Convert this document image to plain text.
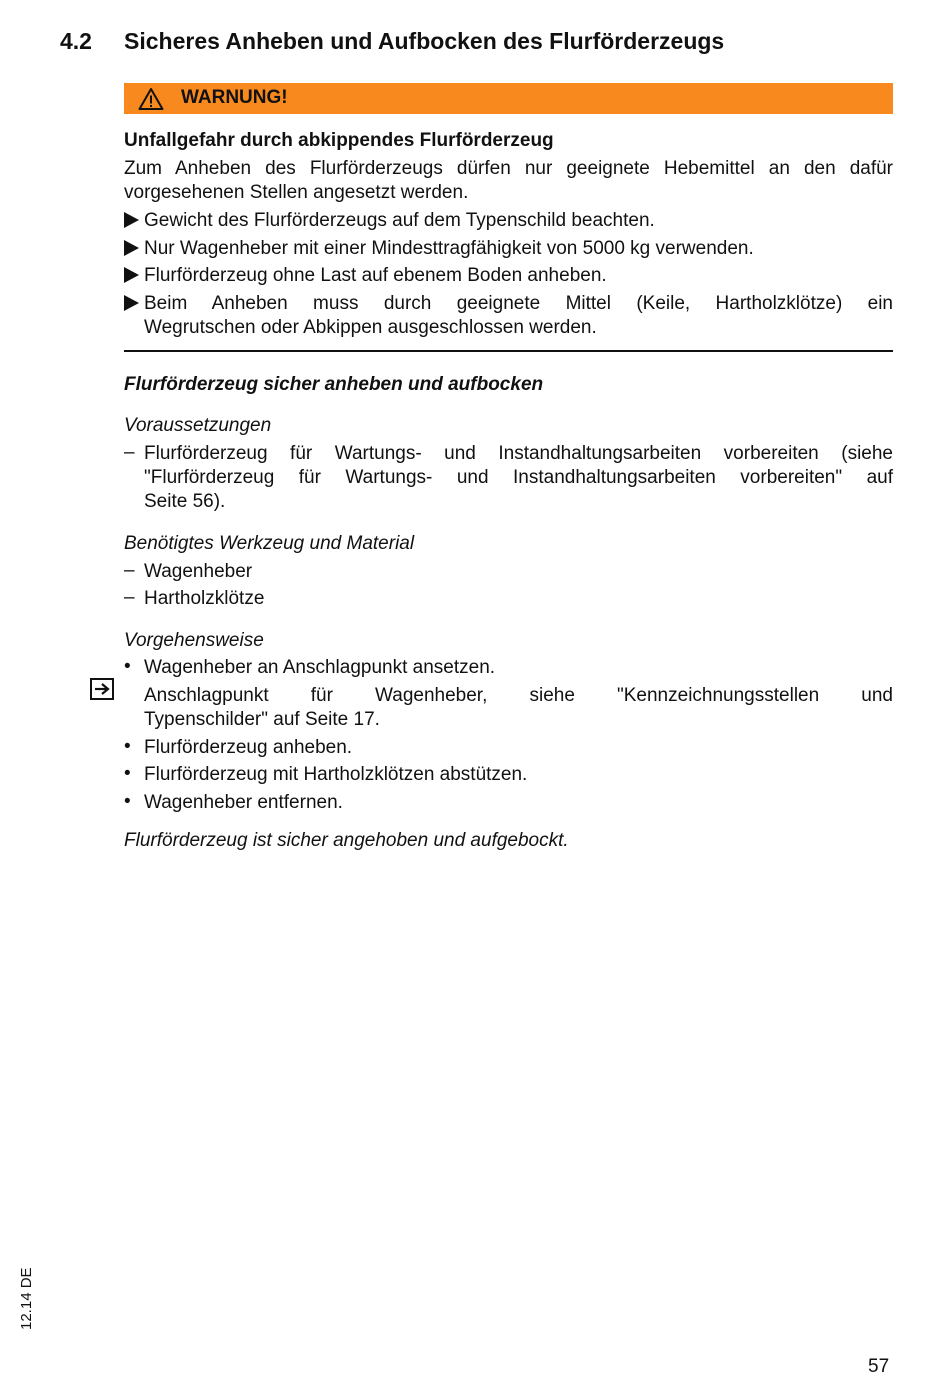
4.2 Sicheres Anheben und Aufbocken des Flurförderzeugs
WARNUNG!
Unfallgefahr durch abkippendes Flurförderzeug
Zum Anheben des Flurförderzeugs dürfen nur geeignete Hebemittel an den dafür
vorgesehenen Stellen angesetzt werden.
Gewicht des Flurförderzeugs auf dem Typenschild beachten.
Nur Wagenheber mit einer Mindesttragfähigkeit von 5000 kg verwenden.
Flurförderzeug ohne Last auf ebenem Boden anheben.
Beim Anheben muss durch geeignete Mittel (Keile, Hartholzklötze) ein
Wegrutschen oder Abkippen ausgeschlossen werden.
Flurförderzeug sicher anheben und aufbocken
Voraussetzungen
– Flurförderzeug für Wartungs- und Instandhaltungsarbeiten vorbereiten (siehe
"Flurförderzeug für Wartungs- und Instandhaltungsarbeiten vorbereiten" auf
Seite 56).
Benötigtes Werkzeug und Material
– Wagenheber
– Hartholzklötze
Vorgehensweise
• Wagenheber an Anschlagpunkt ansetzen.
Anschlagpunkt für Wagenheber, siehe "Kennzeichnungsstellen und
Typenschilder" auf Seite 17.
• Flurförderzeug anheben.
• Flurförderzeug mit Hartholzklötzen abstützen.
• Wagenheber entfernen.
Flurförderzeug ist sicher angehoben und aufgebockt.
12.14 DE
57
